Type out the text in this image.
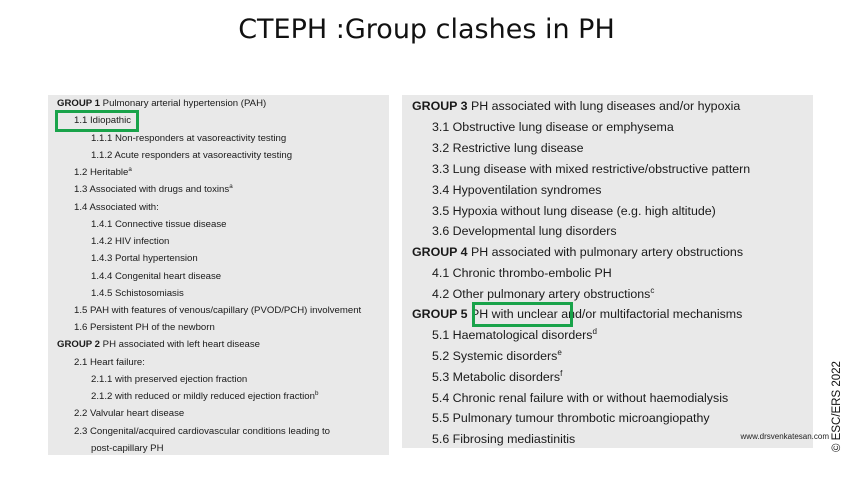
CTEPH :Group clashes in PH
GROUP 1 Pulmonary arterial hypertension (PAH)
1.1 Idiopathic
1.1.1 Non-responders at vasoreactivity testing
1.1.2 Acute responders at vasoreactivity testing
1.2 Heritable$^a$
1.3 Associated with drugs and toxins$^a$
1.4 Associated with:
1.4.1 Connective tissue disease
1.4.2 HIV infection
1.4.3 Portal hypertension
1.4.4 Congenital heart disease
1.4.5 Schistosomiasis
1.5 PAH with features of venous/capillary (PVOD/PCH) involvement
1.6 Persistent PH of the newborn
GROUP 2 PH associated with left heart disease
2.1 Heart failure:
2.1.1 with preserved ejection fraction
2.1.2 with reduced or mildly reduced ejection fraction$^b$
2.2 Valvular heart disease
2.3 Congenital/acquired cardiovascular conditions leading to
post-capillary PH
GROUP 3 PH associated with lung diseases and/or hypoxia
3.1 Obstructive lung disease or emphysema
3.2 Restrictive lung disease
3.3 Lung disease with mixed restrictive/obstructive pattern
3.4 Hypoventilation syndromes
3.5 Hypoxia without lung disease (e.g. high altitude)
3.6 Developmental lung disorders
GROUP 4 PH associated with pulmonary artery obstructions
4.1 Chronic thrombo-embolic PH
4.2 Other pulmonary artery obstructions$^c$
GROUP 5 PH with unclear and/or multifactorial mechanisms
5.1 Haematological disorders$^d$
5.2 Systemic disorders$^e$
5.3 Metabolic disorders$^f$
5.4 Chronic renal failure with or without haemodialysis
5.5 Pulmonary tumour thrombotic microangiopathy
5.6 Fibrosing mediastinitis	www.drsvenkatesan.com © ESC/ERS 2022
